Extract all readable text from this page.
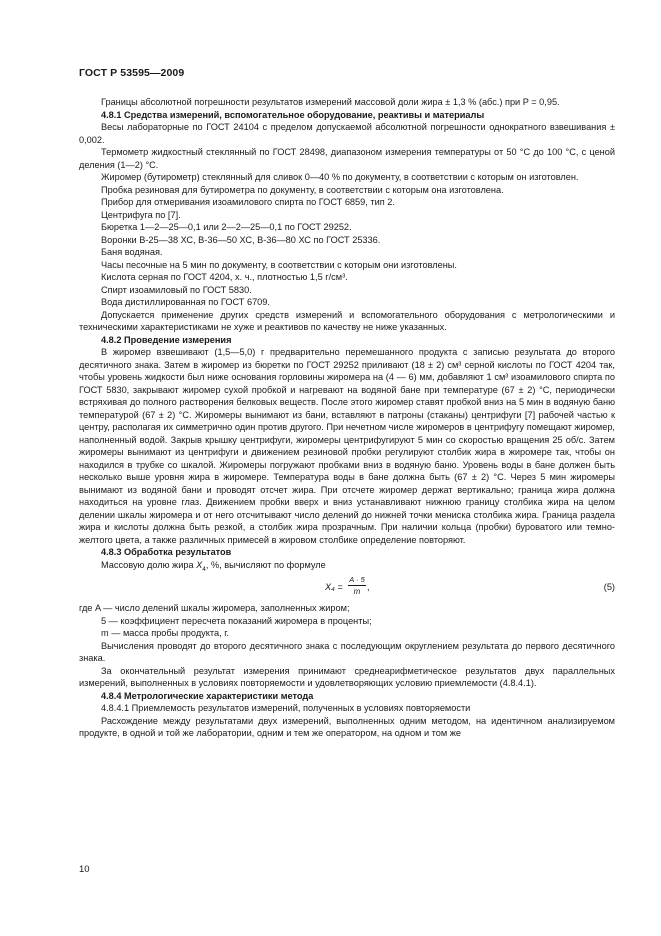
ГОСТ Р 53595—2009

Границы абсолютной погрешности результатов измерений массовой доли жира ± 1,3 % (абс.) при P = 0,95.

4.8.1 Средства измерений, вспомогательное оборудование, реактивы и материалы

Весы лабораторные по ГОСТ 24104 с пределом допускаемой абсолютной погрешности однократного взвешивания ± 0,002.

Термометр жидкостный стеклянный по ГОСТ 28498, диапазоном измерения температуры от 50 °С до 100 °С, с ценой деления (1—2) °С.

Жиромер (бутирометр) стеклянный для сливок 0—40 % по документу, в соответствии с которым он изготовлен.

Пробка резиновая для бутирометра по документу, в соответствии с которым она изготовлена.

Прибор для отмеривания изоамилового спирта по ГОСТ 6859, тип 2.

Центрифуга по [7].

Бюретка 1—2—25—0,1 или 2—2—25—0,1 по ГОСТ 29252.

Воронки В-25—38 ХС, В-36—50 ХС, В-36—80 ХС по ГОСТ 25336.

Баня водяная.

Часы песочные на 5 мин по документу, в соответствии с которым они изготовлены.

Кислота серная по ГОСТ 4204, х. ч., плотностью 1,5 г/см³.

Спирт изоамиловый по ГОСТ 5830.

Вода дистиллированная по ГОСТ 6709.

Допускается применение других средств измерений и вспомогательного оборудования с метрологическими и техническими характеристиками не хуже и реактивов по качеству не ниже указанных.

4.8.2 Проведение измерения

В жиромер взвешивают (1,5—5,0) г предварительно перемешанного продукта с записью результата до второго десятичного знака. Затем в жиромер из бюретки по ГОСТ 29252 приливают (18 ± 2) см³ серной кислоты по ГОСТ 4204 так, чтобы уровень жидкости был ниже основания горловины жиромера на (4 — 6) мм, добавляют 1 см³ изоамилового спирта по ГОСТ 5830, закрывают жиромер сухой пробкой и нагревают на водяной бане при температуре (67 ± 2) °С, периодически встряхивая до полного растворения белковых веществ. После этого жиромер ставят пробкой вниз на 5 мин в водяную баню температурой (67 ± 2) °С. Жиромеры вынимают из бани, вставляют в патроны (стаканы) центрифуги [7] рабочей частью к центру, располагая их симметрично один против другого. При нечетном числе жиромеров в центрифугу помещают жиромер, наполненный водой. Закрыв крышку центрифуги, жиромеры центрифугируют 5 мин со скоростью вращения 25 об/с. Затем жиромеры вынимают из центрифуги и движением резиновой пробки регулируют столбик жира в жиромере так, чтобы он находился в трубке со шкалой. Жиромеры погружают пробками вниз в водяную баню. Уровень воды в бане должен быть несколько выше уровня жира в жиромере. Температура воды в бане должна быть (67 ± 2) °С. Через 5 мин жиромеры вынимают из водяной бани и проводят отсчет жира. При отсчете жиромер держат вертикально; граница жира должна находиться на уровне глаз. Движением пробки вверх и вниз устанавливают нижнюю границу столбика жира на целом делении шкалы жиромера и от него отсчитывают число делений до нижней точки мениска столбика жира. Граница раздела жира и кислоты должна быть резкой, а столбик жира прозрачным. При наличии кольца (пробки) буроватого или темно-желтого цвета, а также различных примесей в жировом столбике определение повторяют.

4.8.3 Обработка результатов

Массовую долю жира $X_4$, %, вычисляют по формуле

X₄ =
A · 5
m ,	(5)

где A — число делений шкалы жиромера, заполненных жиром;

5 — коэффициент пересчета показаний жиромера в проценты;

m — масса пробы продукта, г.

Вычисления проводят до второго десятичного знака с последующим округлением результата до первого десятичного знака.

За окончательный результат измерения принимают среднеарифметическое результатов двух параллельных измерений, выполненных в условиях повторяемости и удовлетворяющих условию приемлемости (4.8.4.1).

4.8.4 Метрологические характеристики метода

4.8.4.1 Приемлемость результатов измерений, полученных в условиях повторяемости

Расхождение между результатами двух измерений, выполненных одним методом, на идентичном анализируемом продукте, в одной и той же лаборатории, одним и тем же оператором, на одном и том же

10
